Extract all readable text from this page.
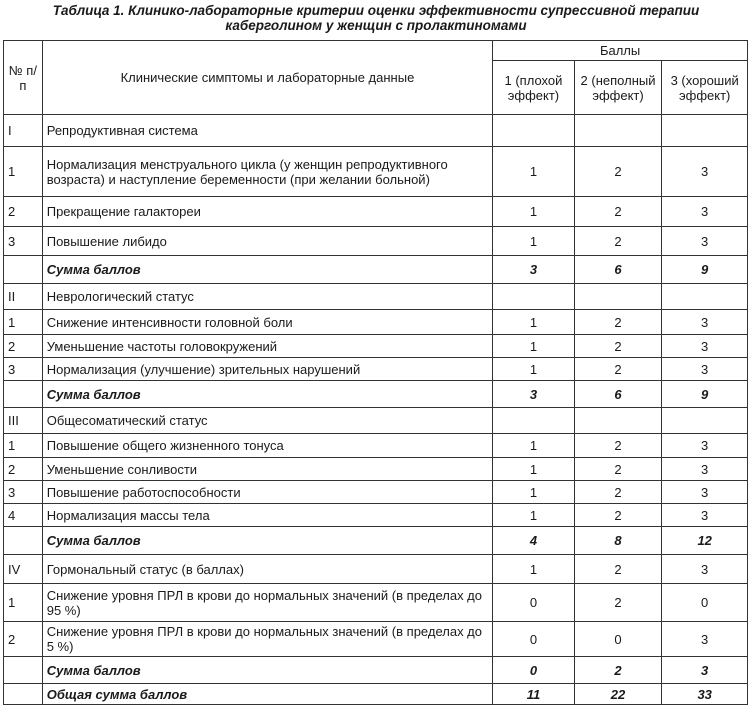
Таблица 1. Клинико-лабораторные критерии оценки эффективности супрессивной терапии
каберголином у женщин с пролактиномами
№ п/п	Клинические симптомы и лабораторные данные	Баллы		
		1 (плохой эффект)	2 (неполный эффект)	3 (хороший эффект)
I	Репродуктивная система			
1	Нормализация менструального цикла (у женщин репродуктивного возраста) и наступление беременности (при желании больной)	1	2	3
2	Прекращение галактореи	1	2	3
3	Повышение либидо	1	2	3
	Сумма баллов	3	6	9
II	Неврологический статус			
1	Снижение интенсивности головной боли	1	2	3
2	Уменьшение частоты головокружений	1	2	3
3	Нормализация (улучшение) зрительных нарушений	1	2	3
	Сумма баллов	3	6	9
III	Общесоматический статус			
1	Повышение общего жизненного тонуса	1	2	3
2	Уменьшение сонливости	1	2	3
3	Повышение работоспособности	1	2	3
4	Нормализация массы тела	1	2	3
	Сумма баллов	4	8	12
IV	Гормональный статус (в баллах)	1	2	3
1	Снижение уровня ПРЛ в крови до нормальных значений (в пределах до 95 %)	0	2	0
2	Снижение уровня ПРЛ в крови до нормальных значений (в пределах до 5 %)	0	0	3
	Сумма баллов	0	2	3
	Общая сумма баллов	11	22	33
